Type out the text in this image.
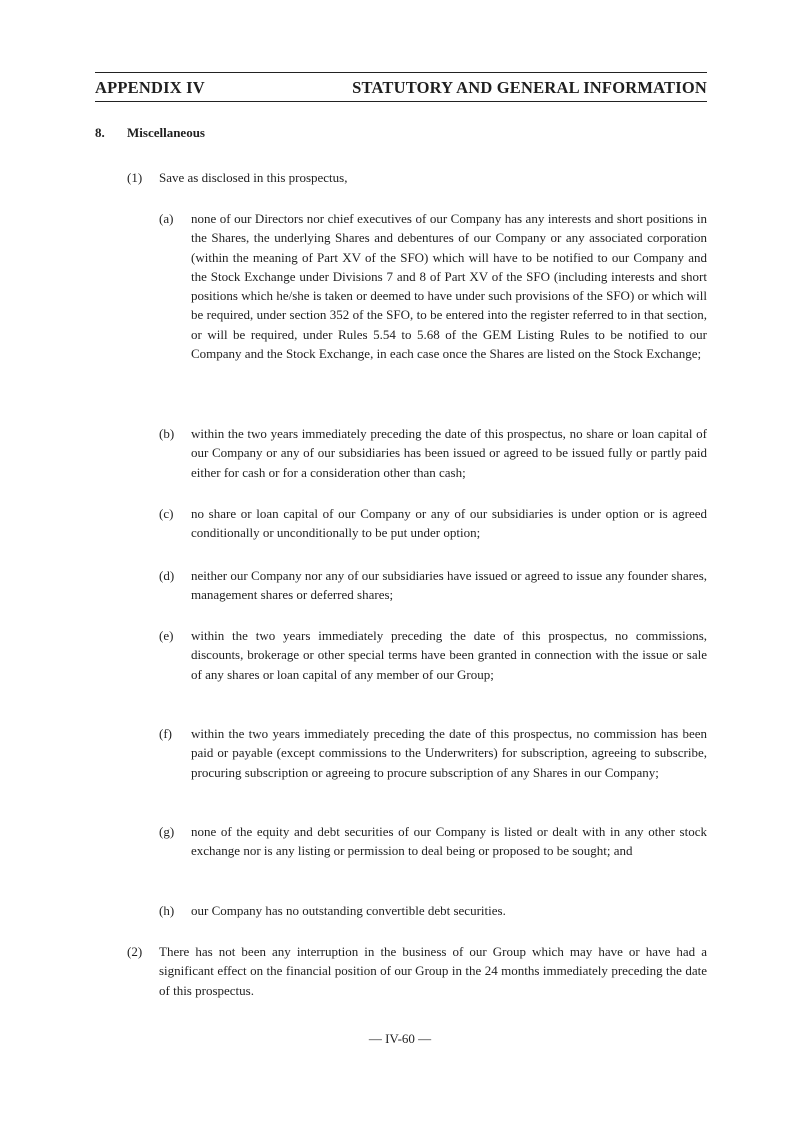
APPENDIX IV	STATUTORY AND GENERAL INFORMATION
8. Miscellaneous
(1) Save as disclosed in this prospectus,
(a) none of our Directors nor chief executives of our Company has any interests and short positions in the Shares, the underlying Shares and debentures of our Company or any associated corporation (within the meaning of Part XV of the SFO) which will have to be notified to our Company and the Stock Exchange under Divisions 7 and 8 of Part XV of the SFO (including interests and short positions which he/she is taken or deemed to have under such provisions of the SFO) or which will be required, under section 352 of the SFO, to be entered into the register referred to in that section, or will be required, under Rules 5.54 to 5.68 of the GEM Listing Rules to be notified to our Company and the Stock Exchange, in each case once the Shares are listed on the Stock Exchange;
(b) within the two years immediately preceding the date of this prospectus, no share or loan capital of our Company or any of our subsidiaries has been issued or agreed to be issued fully or partly paid either for cash or for a consideration other than cash;
(c) no share or loan capital of our Company or any of our subsidiaries is under option or is agreed conditionally or unconditionally to be put under option;
(d) neither our Company nor any of our subsidiaries have issued or agreed to issue any founder shares, management shares or deferred shares;
(e) within the two years immediately preceding the date of this prospectus, no commissions, discounts, brokerage or other special terms have been granted in connection with the issue or sale of any shares or loan capital of any member of our Group;
(f) within the two years immediately preceding the date of this prospectus, no commission has been paid or payable (except commissions to the Underwriters) for subscription, agreeing to subscribe, procuring subscription or agreeing to procure subscription of any Shares in our Company;
(g) none of the equity and debt securities of our Company is listed or dealt with in any other stock exchange nor is any listing or permission to deal being or proposed to be sought; and
(h) our Company has no outstanding convertible debt securities.
(2) There has not been any interruption in the business of our Group which may have or have had a significant effect on the financial position of our Group in the 24 months immediately preceding the date of this prospectus.
— IV-60 —
